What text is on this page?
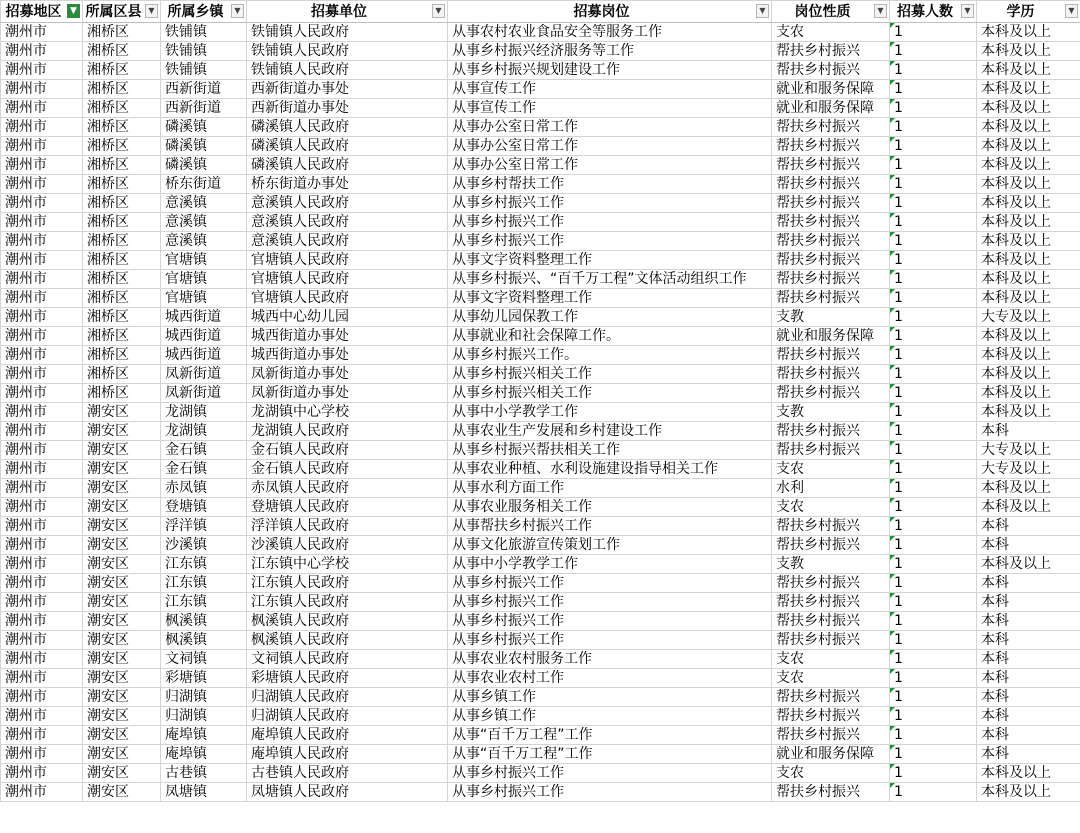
招募地区 ▼	所属区县 ▼	所属乡镇 ▼	招募单位 ▼	招募岗位 ▼	岗位性质 ▼	招募人数 ▼	学历 ▼

潮州市	湘桥区	铁铺镇	铁铺镇人民政府	从事农村农业食品安全等服务工作	支农	1	本科及以上
潮州市	湘桥区	铁铺镇	铁铺镇人民政府	从事乡村振兴经济服务等工作	帮扶乡村振兴	1	本科及以上
潮州市	湘桥区	铁铺镇	铁铺镇人民政府	从事乡村振兴规划建设工作	帮扶乡村振兴	1	本科及以上
潮州市	湘桥区	西新街道	西新街道办事处	从事宣传工作	就业和服务保障	1	本科及以上
潮州市	湘桥区	西新街道	西新街道办事处	从事宣传工作	就业和服务保障	1	本科及以上
潮州市	湘桥区	磷溪镇	磷溪镇人民政府	从事办公室日常工作	帮扶乡村振兴	1	本科及以上
潮州市	湘桥区	磷溪镇	磷溪镇人民政府	从事办公室日常工作	帮扶乡村振兴	1	本科及以上
潮州市	湘桥区	磷溪镇	磷溪镇人民政府	从事办公室日常工作	帮扶乡村振兴	1	本科及以上
潮州市	湘桥区	桥东街道	桥东街道办事处	从事乡村帮扶工作	帮扶乡村振兴	1	本科及以上
潮州市	湘桥区	意溪镇	意溪镇人民政府	从事乡村振兴工作	帮扶乡村振兴	1	本科及以上
潮州市	湘桥区	意溪镇	意溪镇人民政府	从事乡村振兴工作	帮扶乡村振兴	1	本科及以上
潮州市	湘桥区	意溪镇	意溪镇人民政府	从事乡村振兴工作	帮扶乡村振兴	1	本科及以上
潮州市	湘桥区	官塘镇	官塘镇人民政府	从事文字资料整理工作	帮扶乡村振兴	1	本科及以上
潮州市	湘桥区	官塘镇	官塘镇人民政府	从事乡村振兴、“百千万工程”文体活动组织工作	帮扶乡村振兴	1	本科及以上
潮州市	湘桥区	官塘镇	官塘镇人民政府	从事文字资料整理工作	帮扶乡村振兴	1	本科及以上
潮州市	湘桥区	城西街道	城西中心幼儿园	从事幼儿园保教工作	支教	1	大专及以上
潮州市	湘桥区	城西街道	城西街道办事处	从事就业和社会保障工作。	就业和服务保障	1	本科及以上
潮州市	湘桥区	城西街道	城西街道办事处	从事乡村振兴工作。	帮扶乡村振兴	1	本科及以上
潮州市	湘桥区	凤新街道	凤新街道办事处	从事乡村振兴相关工作	帮扶乡村振兴	1	本科及以上
潮州市	湘桥区	凤新街道	凤新街道办事处	从事乡村振兴相关工作	帮扶乡村振兴	1	本科及以上
潮州市	潮安区	龙湖镇	龙湖镇中心学校	从事中小学教学工作	支教	1	本科及以上
潮州市	潮安区	龙湖镇	龙湖镇人民政府	从事农业生产发展和乡村建设工作	帮扶乡村振兴	1	本科
潮州市	潮安区	金石镇	金石镇人民政府	从事乡村振兴帮扶相关工作	帮扶乡村振兴	1	大专及以上
潮州市	潮安区	金石镇	金石镇人民政府	从事农业种植、水利设施建设指导相关工作	支农	1	大专及以上
潮州市	潮安区	赤凤镇	赤凤镇人民政府	从事水利方面工作	水利	1	本科及以上
潮州市	潮安区	登塘镇	登塘镇人民政府	从事农业服务相关工作	支农	1	本科及以上
潮州市	潮安区	浮洋镇	浮洋镇人民政府	从事帮扶乡村振兴工作	帮扶乡村振兴	1	本科
潮州市	潮安区	沙溪镇	沙溪镇人民政府	从事文化旅游宣传策划工作	帮扶乡村振兴	1	本科
潮州市	潮安区	江东镇	江东镇中心学校	从事中小学教学工作	支教	1	本科及以上
潮州市	潮安区	江东镇	江东镇人民政府	从事乡村振兴工作	帮扶乡村振兴	1	本科
潮州市	潮安区	江东镇	江东镇人民政府	从事乡村振兴工作	帮扶乡村振兴	1	本科
潮州市	潮安区	枫溪镇	枫溪镇人民政府	从事乡村振兴工作	帮扶乡村振兴	1	本科
潮州市	潮安区	枫溪镇	枫溪镇人民政府	从事乡村振兴工作	帮扶乡村振兴	1	本科
潮州市	潮安区	文祠镇	文祠镇人民政府	从事农业农村服务工作	支农	1	本科
潮州市	潮安区	彩塘镇	彩塘镇人民政府	从事农业农村工作	支农	1	本科
潮州市	潮安区	归湖镇	归湖镇人民政府	从事乡镇工作	帮扶乡村振兴	1	本科
潮州市	潮安区	归湖镇	归湖镇人民政府	从事乡镇工作	帮扶乡村振兴	1	本科
潮州市	潮安区	庵埠镇	庵埠镇人民政府	从事“百千万工程”工作	帮扶乡村振兴	1	本科
潮州市	潮安区	庵埠镇	庵埠镇人民政府	从事“百千万工程”工作	就业和服务保障	1	本科
潮州市	潮安区	古巷镇	古巷镇人民政府	从事乡村振兴工作	支农	1	本科及以上
潮州市	潮安区	凤塘镇	凤塘镇人民政府	从事乡村振兴工作	帮扶乡村振兴	1	本科及以上
